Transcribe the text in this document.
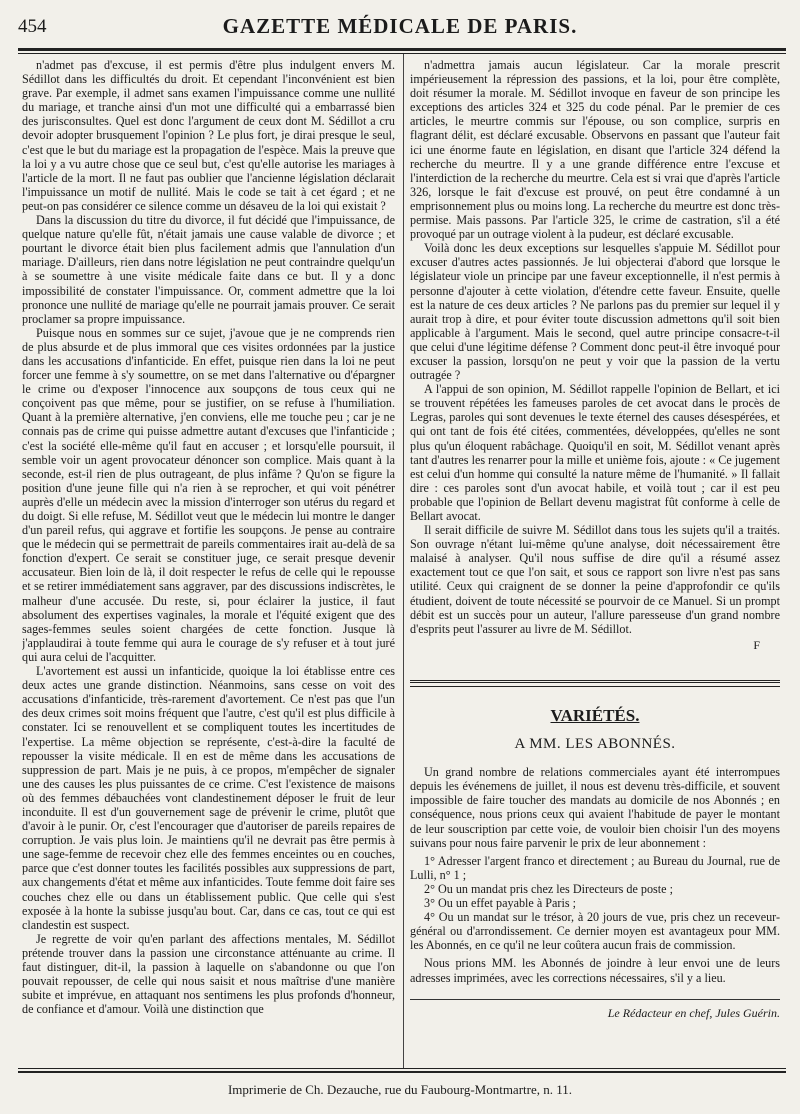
454	GAZETTE MÉDICALE DE PARIS.

n'admet pas d'excuse, il est permis d'être plus indulgent envers M. Sédillot dans les difficultés du droit. Et cependant l'inconvénient est bien grave. Par exemple, il admet sans examen l'impuissance comme une nullité du mariage, et tranche ainsi d'un mot une difficulté qui a embarrassé bien des jurisconsultes. Quel est donc l'argument de ceux dont M. Sédillot a cru devoir adopter brusquement l'opinion ? Le plus fort, je dirai presque le seul, c'est que le but du mariage est la propagation de l'espèce. Mais la preuve que la loi y a vu autre chose que ce seul but, c'est qu'elle autorise les mariages à l'article de la mort. Il ne faut pas oublier que l'ancienne législation déclarait l'impuissance un motif de nullité. Mais le code se tait à cet égard ; et ne peut-on pas considérer ce silence comme un désaveu de la loi qui existait ?

Dans la discussion du titre du divorce, il fut décidé que l'impuissance, de quelque nature qu'elle fût, n'était jamais une cause valable de divorce ; et pourtant le divorce était bien plus facilement admis que l'annulation d'un mariage. D'ailleurs, rien dans notre législation ne peut contraindre quelqu'un à se soumettre à une visite médicale faite dans ce but. Il y a donc impossibilité de constater l'impuissance. Or, comment admettre que la loi prononce une nullité de mariage qu'elle ne pourrait jamais prouver. Ce serait proclamer sa propre impuissance.

Puisque nous en sommes sur ce sujet, j'avoue que je ne comprends rien de plus absurde et de plus immoral que ces visites ordonnées par la justice dans les accusations d'infanticide. En effet, puisque rien dans la loi ne peut forcer une femme à s'y soumettre, on se met dans l'alternative ou d'épargner le crime ou d'exposer l'innocence aux soupçons de tous ceux qui ne conçoivent pas que même, pour se justifier, on se refuse à l'humiliation. Quant à la première alternative, j'en conviens, elle me touche peu ; car je ne connais pas de crime qui puisse admettre autant d'excuses que l'infanticide ; c'est la société elle-même qu'il faut en accuser ; et lorsqu'elle poursuit, il semble voir un agent provocateur dénoncer son complice. Mais quant à la seconde, est-il rien de plus outrageant, de plus infâme ? Qu'on se figure la position d'une jeune fille qui n'a rien à se reprocher, et qui voit pénétrer auprès d'elle un médecin avec la mission d'interroger son utérus du regard et du doigt. Si elle refuse, M. Sédillot veut que le médecin lui montre le danger d'un pareil refus, qui aggrave et fortifie les soupçons. Je pense au contraire que le médecin qui se permettrait de pareils commentaires irait au-delà de sa fonction d'expert. Ce serait se constituer juge, ce serait presque devenir accusateur. Bien loin de là, il doit respecter le refus de celle qui le repousse et se retirer immédiatement sans aggraver, par des discussions indiscrètes, le malheur d'une accusée. Du reste, si, pour éclairer la justice, il faut absolument des expertises vaginales, la morale et l'équité exigent que des sages-femmes seules soient chargées de cette fonction. Jusque là j'applaudirai à toute femme qui aura le courage de s'y refuser et à tout juré qui aura celui de l'acquitter.

L'avortement est aussi un infanticide, quoique la loi établisse entre ces deux actes une grande distinction. Néanmoins, sans cesse on voit des accusations d'infanticide, très-rarement d'avortement. Ce n'est pas que l'un des deux crimes soit moins fréquent que l'autre, c'est qu'il est plus difficile à constater. Ici se renouvellent et se compliquent toutes les incertitudes de l'expertise. La même objection se représente, c'est-à-dire la faculté de repousser la visite médicale. Il en est de même dans les accusations de suppression de part. Mais je ne puis, à ce propos, m'empêcher de signaler une des causes les plus puissantes de ce crime. C'est l'existence de maisons où des femmes débauchées vont clandestinement déposer le fruit de leur inconduite. Il est d'un gouvernement sage de prévenir le crime, plutôt que d'avoir à le punir. Or, c'est l'encourager que d'autoriser de pareils repaires de corruption. Je vais plus loin. Je maintiens qu'il ne devrait pas être permis à une sage-femme de recevoir chez elle des femmes enceintes ou en couches, parce que c'est donner toutes les facilités possibles aux suppressions de part, aux changements d'état et même aux infanticides. Toute femme doit faire ses couches chez elle ou dans un établissement public. Que celle qui s'est exposée à la honte la subisse jusqu'au bout. Car, dans ce cas, tout ce qui est clandestin est suspect.

Je regrette de voir qu'en parlant des affections mentales, M. Sédillot prétende trouver dans la passion une circonstance atténuante au crime. Il faut distinguer, dit-il, la passion à laquelle on s'abandonne ou que l'on pouvait repousser, de celle qui nous saisit et nous maîtrise d'une manière subite et imprévue, en attaquant nos sentimens les plus profonds d'honneur, de confiance et d'amour. Voilà une distinction que

n'admettra jamais aucun législateur. Car la morale prescrit impérieusement la répression des passions, et la loi, pour être complète, doit résumer la morale. M. Sédillot invoque en faveur de son principe les exceptions des articles 324 et 325 du code pénal. Par le premier de ces articles, le meurtre commis sur l'épouse, ou son complice, surpris en flagrant délit, est déclaré excusable. Observons en passant que l'auteur fait ici une énorme faute en législation, en disant que l'article 324 défend la recherche du meurtre. Il y a une grande différence entre l'excuse et l'interdiction de la recherche du meurtre. Cela est si vrai que d'après l'article 326, lorsque le fait d'excuse est prouvé, on peut être condamné à un emprisonnement plus ou moins long. La recherche du meurtre est donc très-permise. Mais passons. Par l'article 325, le crime de castration, s'il a été provoqué par un outrage violent à la pudeur, est déclaré excusable.

Voilà donc les deux exceptions sur lesquelles s'appuie M. Sédillot pour excuser d'autres actes passionnés. Je lui objecterai d'abord que lorsque le législateur viole un principe par une faveur exceptionnelle, il n'est permis à personne d'ajouter à cette violation, d'étendre cette faveur. Ensuite, quelle est la nature de ces deux articles ? Ne parlons pas du premier sur lequel il y aurait trop à dire, et pour éviter toute discussion admettons qu'il soit bien applicable à l'argument. Mais le second, quel autre principe consacre-t-il que celui d'une légitime défense ? Comment donc peut-il être invoqué pour excuser la passion, lorsqu'on ne peut y voir que la passion de la vertu outragée ?

A l'appui de son opinion, M. Sédillot rappelle l'opinion de Bellart, et ici se trouvent répétées les fameuses paroles de cet avocat dans le procès de Legras, paroles qui sont devenues le texte éternel des causes désespérées, et qui ont tant de fois été citées, commentées, développées, qu'elles ne sont plus qu'un éloquent rabâchage. Quoiqu'il en soit, M. Sédillot venant après tant d'autres les renarrer pour la mille et unième fois, ajoute : « Ce jugement est celui d'un homme qui consulté la nature même de l'humanité. » Il fallait dire : ces paroles sont d'un avocat habile, et voilà tout ; car il est peu probable que l'opinion de Bellart devenu magistrat fût conforme à celle de Bellart avocat.

Il serait difficile de suivre M. Sédillot dans tous les sujets qu'il a traités. Son ouvrage n'étant lui-même qu'une analyse, doit nécessairement être malaisé à analyser. Qu'il nous suffise de dire qu'il a résumé assez exactement tout ce que l'on sait, et sous ce rapport son livre n'est pas sans utilité. Ceux qui craignent de se donner la peine d'approfondir ce qu'ils étudient, doivent de toute nécessité se pourvoir de ce Manuel. Si un prompt débit est un succès pour un auteur, l'allure paresseuse d'un grand nombre d'esprits peut l'assurer au livre de M. Sédillot.

F
VARIÉTÉS.
A MM. LES ABONNÉS.

Un grand nombre de relations commerciales ayant été interrompues depuis les événemens de juillet, il nous est devenu très-difficile, et souvent impossible de faire toucher des mandats au domicile de nos Abonnés ; en conséquence, nous prions ceux qui avaient l'habitude de payer le montant de leur souscription par cette voie, de vouloir bien choisir l'un des moyens suivans pour nous faire parvenir le prix de leur abonnement :

1° Adresser l'argent franco et directement ; au Bureau du Journal, rue de Lulli, n° 1 ;

2° Ou un mandat pris chez les Directeurs de poste ;

3° Ou un effet payable à Paris ;

4° Ou un mandat sur le trésor, à 20 jours de vue, pris chez un receveur-général ou d'arrondissement. Ce dernier moyen est avantageux pour MM. les Abonnés, en ce qu'il ne leur coûtera aucun frais de commission.

Nous prions MM. les Abonnés de joindre à leur envoi une de leurs adresses imprimées, avec les corrections nécessaires, s'il y a lieu.

Le Rédacteur en chef, Jules Guérin.
Imprimerie de Ch. Dezauche, rue du Faubourg-Montmartre, n. 11.
